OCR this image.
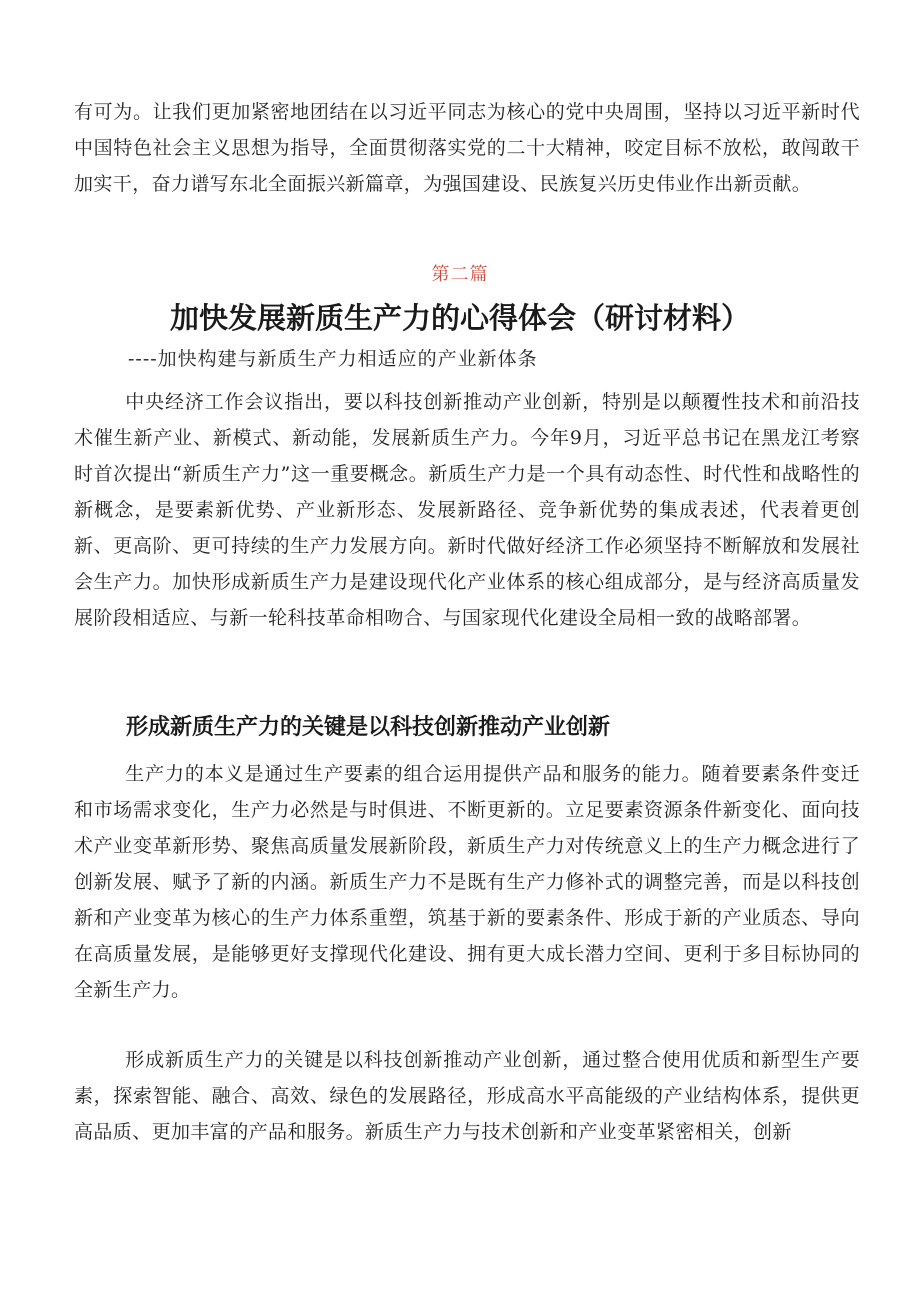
有可为。让我们更加紧密地团结在以习近平同志为核心的党中央周围，坚持以习近平新时代中国特色社会主义思想为指导，全面贯彻落实党的二十大精神，咬定目标不放松，敢闯敢干加实干，奋力谱写东北全面振兴新篇章，为强国建设、民族复兴历史伟业作出新贡献。

第二篇

加快发展新质生产力的心得体会（研讨材料）

----加快构建与新质生产力相适应的产业新体条

中央经济工作会议指出，要以科技创新推动产业创新，特别是以颠覆性技术和前沿技术催生新产业、新模式、新动能，发展新质生产力。今年9月，习近平总书记在黑龙江考察时首次提出“新质生产力”这一重要概念。新质生产力是一个具有动态性、时代性和战略性的新概念，是要素新优势、产业新形态、发展新路径、竞争新优势的集成表述，代表着更创新、更高阶、更可持续的生产力发展方向。新时代做好经济工作必须坚持不断解放和发展社会生产力。加快形成新质生产力是建设现代化产业体系的核心组成部分，是与经济高质量发展阶段相适应、与新一轮科技革命相吻合、与国家现代化建设全局相一致的战略部署。

形成新质生产力的关键是以科技创新推动产业创新

生产力的本义是通过生产要素的组合运用提供产品和服务的能力。随着要素条件变迁和市场需求变化，生产力必然是与时俱进、不断更新的。立足要素资源条件新变化、面向技术产业变革新形势、聚焦高质量发展新阶段，新质生产力对传统意义上的生产力概念进行了创新发展、赋予了新的内涵。新质生产力不是既有生产力修补式的调整完善，而是以科技创新和产业变革为核心的生产力体系重塑，筑基于新的要素条件、形成于新的产业质态、导向在高质量发展，是能够更好支撑现代化建设、拥有更大成长潜力空间、更利于多目标协同的全新生产力。

形成新质生产力的关键是以科技创新推动产业创新，通过整合使用优质和新型生产要素，探索智能、融合、高效、绿色的发展路径，形成高水平高能级的产业结构体系，提供更高品质、更加丰富的产品和服务。新质生产力与技术创新和产业变革紧密相关，创新
